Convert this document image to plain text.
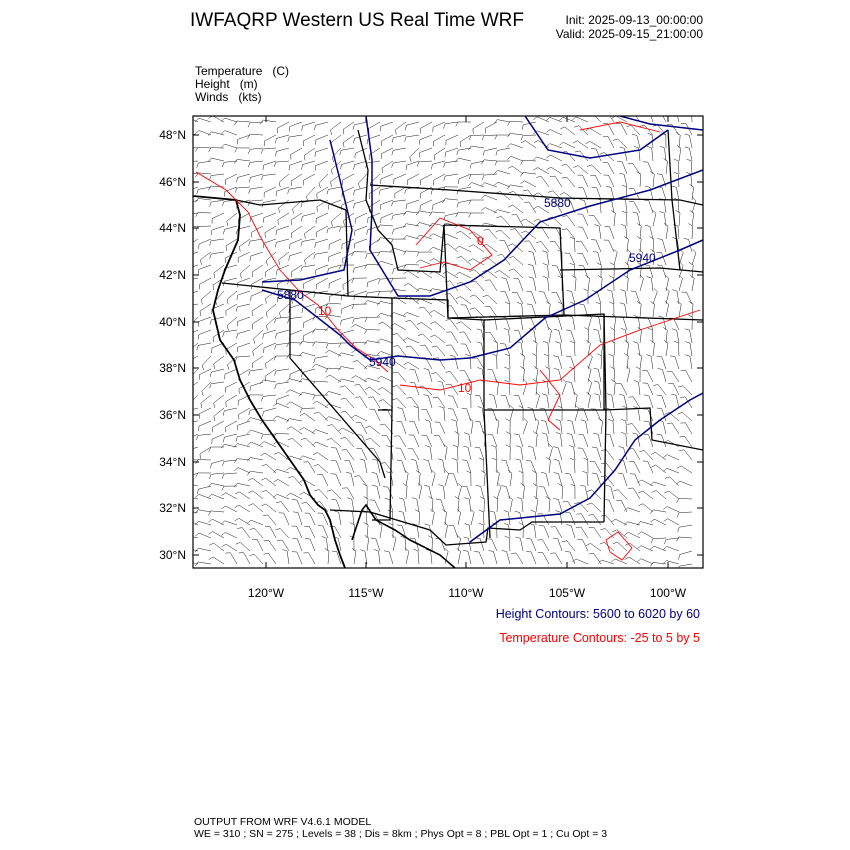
IWFAQRP Western US Real Time WRF	Init: 2025-09-13_00:00:00
Valid: 2025-09-15_21:00:00
Temperature   (C)
Height   (m)
Winds   (kts)
5880
5940
5940
5880
10
10
0
48°N
46°N
44°N
42°N
40°N
38°N
36°N
34°N
32°N
30°N
120°W	115°W	110°W	105°W	100°W
Height Contours: 5600 to 6020 by 60
Temperature Contours: -25 to 5 by 5
OUTPUT FROM WRF V4.6.1 MODEL
WE = 310 ; SN = 275 ; Levels = 38 ; Dis = 8km ; Phys Opt = 8 ; PBL Opt = 1 ; Cu Opt = 3
